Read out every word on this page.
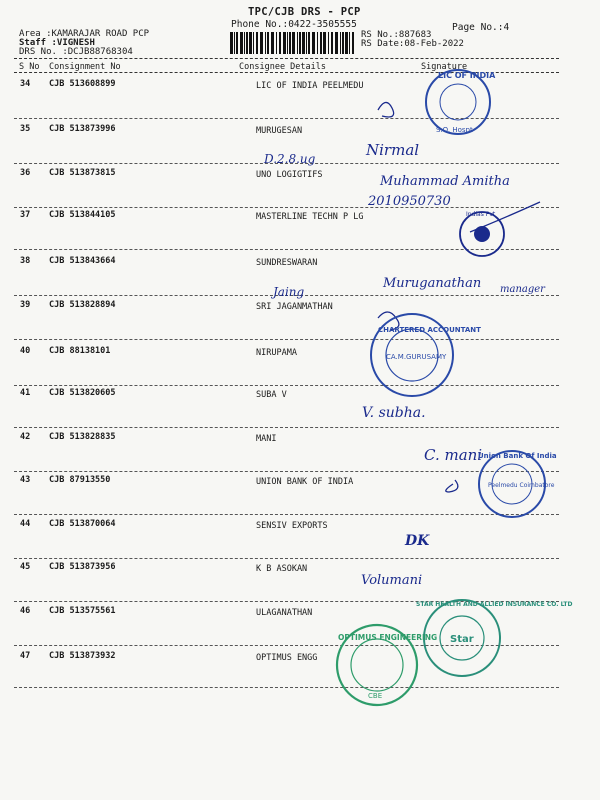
TPC/CJB DRS - PCP
Phone No.:0422-3505555	Page No.:4
Area :KAMARAJAR ROAD PCP
Staff :VIGNESH
DRS No. :DCJB88768304
RS No.:887683
RS Date:08-Feb-2022
S No Consignment No	Consignee Details	Signature
34 CJB 513608899	LIC OF INDIA PEELMEDU
35 CJB 513873996	MURUGESAN
36 CJB 513873815	UNO LOGIGTIFS
37 CJB 513844105	MASTERLINE TECHN P LG
38 CJB 513843664	SUNDRESWARAN
39 CJB 513828894	SRI JAGANMATHAN
40 CJB 88138101	NIRUPAMA
41 CJB 513820605	SUBA V
42 CJB 513828835	MANI
43 CJB 87913550	UNION BANK OF INDIA
44 CJB 513870064	SENSIV EXPORTS
45 CJB 513873956	K B ASOKAN
46 CJB 513575561	ULAGANATHAN
47 CJB 513873932	OPTIMUS ENGG
Nirmal
D.2.8.ug
Muhammad Amitha
2010950730
Muruganathan manager
Jaing
V. subha.
C. mani
DK
Volumani
LIC OF INDIA
S.O. Hospt
Indias Pvt
CHARTERED ACCOUNTANT
CA.M.GURUSAMY
Union Bank Of India
Peelmedu Coimbatore
STAR HEALTH AND ALLIED INSURANCE CO. LTD
Star
OPTIMUS ENGINEERING
CBE
